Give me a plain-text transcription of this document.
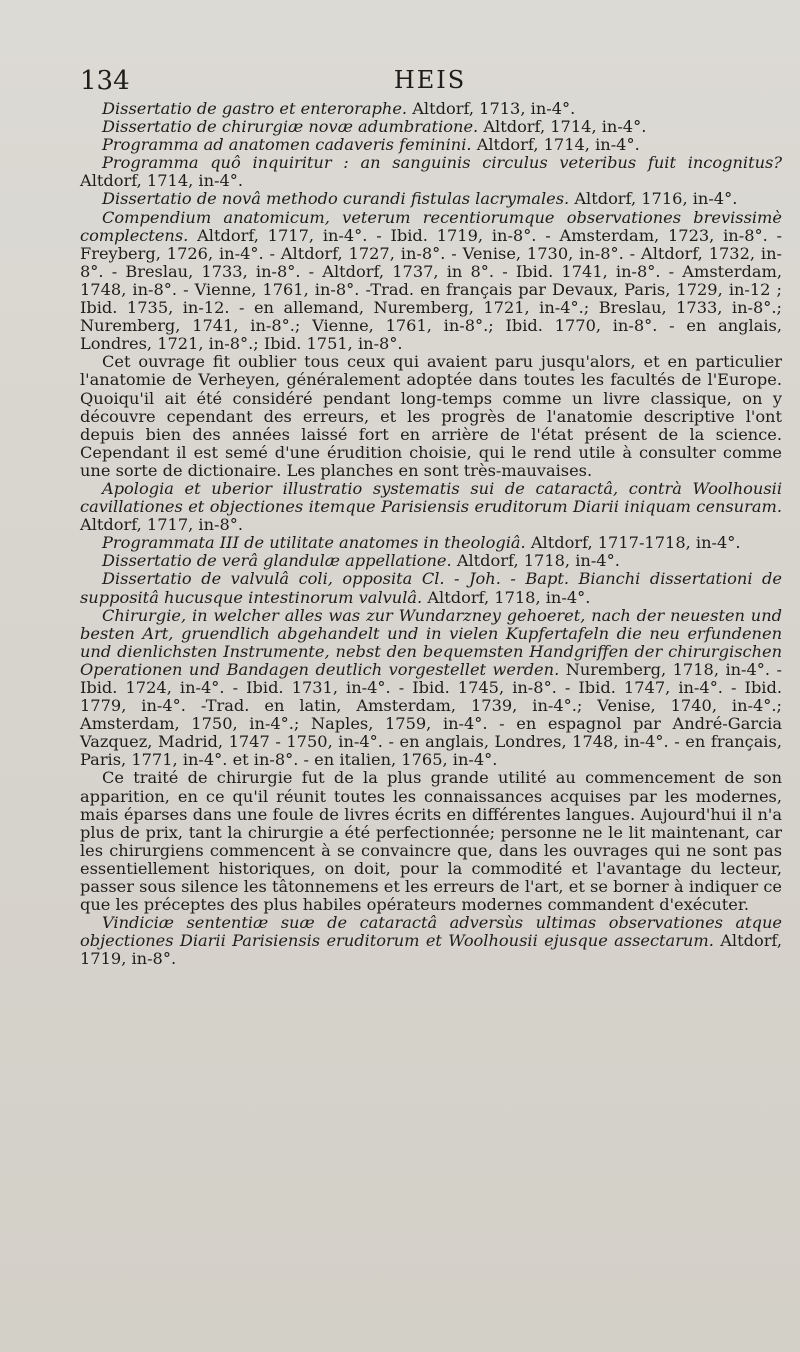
134	HEIS

Dissertatio de gastro et enteroraphe. Altdorf, 1713, in-4°.

Dissertatio de chirurgiæ novæ adumbratione. Altdorf, 1714, in-4°.

Programma ad anatomen cadaveris feminini. Altdorf, 1714, in-4°.

Programma quô inquiritur : an sanguinis circulus veteribus fuit incognitus? Altdorf, 1714, in-4°.

Dissertatio de novâ methodo curandi fistulas lacrymales. Altdorf, 1716, in-4°.

Compendium anatomicum, veterum recentiorumque observationes brevissimè complectens. Altdorf, 1717, in-4°. - Ibid. 1719, in-8°. - Amsterdam, 1723, in-8°. - Freyberg, 1726, in-4°. - Altdorf, 1727, in-8°. - Venise, 1730, in-8°. - Altdorf, 1732, in-8°. - Breslau, 1733, in-8°. - Altdorf, 1737, in 8°. - Ibid. 1741, in-8°. - Amsterdam, 1748, in-8°. - Vienne, 1761, in-8°. -Trad. en français par Devaux, Paris, 1729, in-12 ; Ibid. 1735, in-12. - en allemand, Nuremberg, 1721, in-4°.; Breslau, 1733, in-8°.; Nuremberg, 1741, in-8°.; Vienne, 1761, in-8°.; Ibid. 1770, in-8°. - en anglais, Londres, 1721, in-8°.; Ibid. 1751, in-8°.

Cet ouvrage fit oublier tous ceux qui avaient paru jusqu'alors, et en particulier l'anatomie de Verheyen, généralement adoptée dans toutes les facultés de l'Europe. Quoiqu'il ait été considéré pendant long-temps comme un livre classique, on y découvre cependant des erreurs, et les progrès de l'anatomie descriptive l'ont depuis bien des années laissé fort en arrière de l'état présent de la science. Cependant il est semé d'une érudition choisie, qui le rend utile à consulter comme une sorte de dictionaire. Les planches en sont très-mauvaises.

Apologia et uberior illustratio systematis sui de cataractâ, contrà Woolhousii cavillationes et objectiones itemque Parisiensis eruditorum Diarii iniquam censuram. Altdorf, 1717, in-8°.

Programmata III de utilitate anatomes in theologiâ. Altdorf, 1717-1718, in-4°.

Dissertatio de verâ glandulæ appellatione. Altdorf, 1718, in-4°.

Dissertatio de valvulâ coli, opposita Cl. - Joh. - Bapt. Bianchi dissertationi de suppositâ hucusque intestinorum valvulâ. Altdorf, 1718, in-4°.

Chirurgie, in welcher alles was zur Wundarzney gehoeret, nach der neuesten und besten Art, gruendlich abgehandelt und in vielen Kupfertafeln die neu erfundenen und dienlichsten Instrumente, nebst den bequemsten Handgriffen der chirurgischen Operationen und Bandagen deutlich vorgestellet werden. Nuremberg, 1718, in-4°. - Ibid. 1724, in-4°. - Ibid. 1731, in-4°. - Ibid. 1745, in-8°. - Ibid. 1747, in-4°. - Ibid. 1779, in-4°. -Trad. en latin, Amsterdam, 1739, in-4°.; Venise, 1740, in-4°.; Amsterdam, 1750, in-4°.; Naples, 1759, in-4°. - en espagnol par André-Garcia Vazquez, Madrid, 1747 - 1750, in-4°. - en anglais, Londres, 1748, in-4°. - en français, Paris, 1771, in-4°. et in-8°. - en italien, 1765, in-4°.

Ce traité de chirurgie fut de la plus grande utilité au commencement de son apparition, en ce qu'il réunit toutes les connaissances acquises par les modernes, mais éparses dans une foule de livres écrits en différentes langues. Aujourd'hui il n'a plus de prix, tant la chirurgie a été perfectionnée; personne ne le lit maintenant, car les chirurgiens commencent à se convaincre que, dans les ouvrages qui ne sont pas essentiellement historiques, on doit, pour la commodité et l'avantage du lecteur, passer sous silence les tâtonnemens et les erreurs de l'art, et se borner à indiquer ce que les préceptes des plus habiles opérateurs modernes commandent d'exécuter.

Vindiciæ sententiæ suæ de cataractâ adversùs ultimas observationes atque objectiones Diarii Parisiensis eruditorum et Woolhousii ejusque assectarum. Altdorf, 1719, in-8°.
